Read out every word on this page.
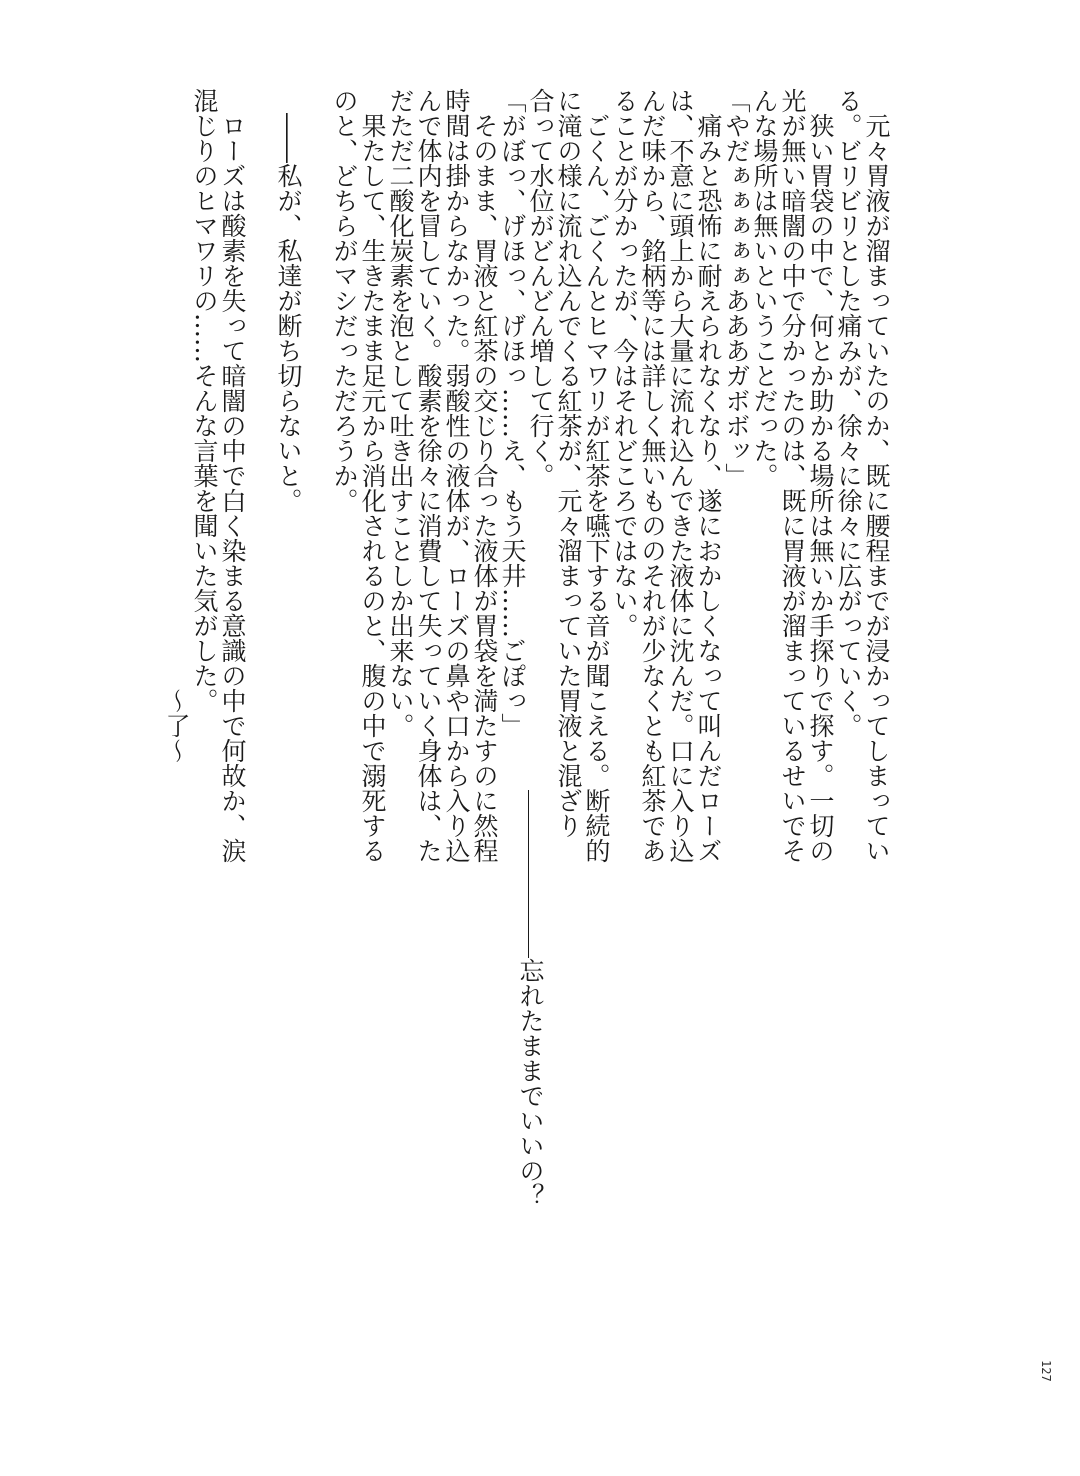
　元々胃液が溜まっていたのか、既に腰程までが浸かってしまってい
る。ビリビリとした痛みが、徐々に徐々に広がっていく。
　狭い胃袋の中で、何とか助かる場所は無いか手探りで探す。一切の
光が無い暗闇の中で分かったのは、既に胃液が溜まっているせいでそ
んな場所は無いということだった。
「やだぁぁぁぁぁあああガボボッ」
　痛みと恐怖に耐えられなくなり、遂におかしくなって叫んだローズ
は、不意に頭上から大量に流れ込んできた液体に沈んだ。口に入り込
んだ味から、銘柄等には詳しく無いもののそれが少なくとも紅茶であ
ることが分かったが、今はそれどころではない。
　ごくん、ごくんとヒマワリが紅茶を嚥下する音が聞こえる。断続的
に滝の様に流れ込んでくる紅茶が、元々溜まっていた胃液と混ざり
合って水位がどんどん増して行く。
「がぼっ、げほっ、げほっ……え、もう天井……ごぽっ」
　そのまま、胃液と紅茶の交じり合った液体が胃袋を満たすのに然程
時間は掛からなかった。弱酸性の液体が、ローズの鼻や口から入り込
んで体内を冒していく。酸素を徐々に消費して失っていく身体は、た
だただ二酸化炭素を泡として吐き出すことしか出来ない。
　果たして、生きたまま足元から消化されるのと、腹の中で溺死する
のと、どちらがマシだっただろうか。
　――私が、私達が断ち切らないと。
　ローズは酸素を失って暗闇の中で白く染まる意識の中で何故か、涙
混じりのヒマワリの……そんな言葉を聞いた気がした。
～了～
忘れたままでいいの？
127
